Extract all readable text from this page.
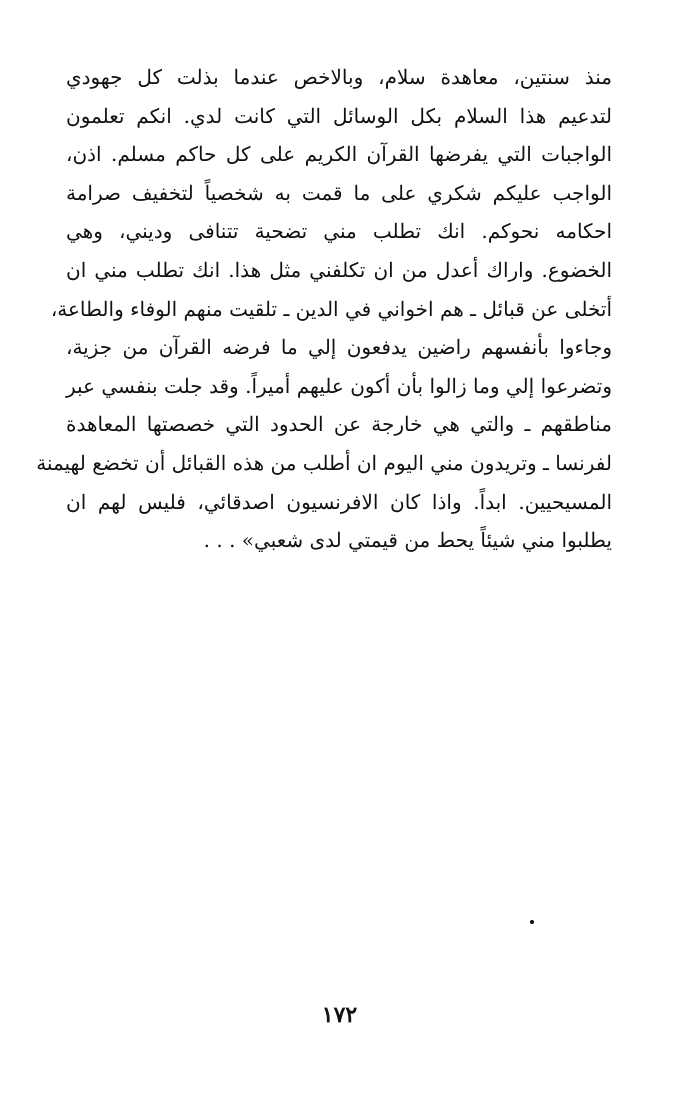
منذ سنتين، معاهدة سلام، وبالاخص عندما بذلت كل جهودي
لتدعيم هذا السلام بكل الوسائل التي كانت لدي. انكم تعلمون
الواجبات التي يفرضها القرآن الكريم على كل حاكم مسلم. اذن،
الواجب عليكم شكري على ما قمت به شخصياً لتخفيف صرامة
احكامه نحوكم. انك تطلب مني تضحية تتنافى وديني، وهي
الخضوع. واراك أعدل من ان تكلفني مثل هذا. انك تطلب مني ان
أتخلى عن قبائل ـ هم اخواني في الدين ـ تلقيت منهم الوفاء والطاعة،
وجاءوا بأنفسهم راضين يدفعون إلي ما فرضه القرآن من جزية،
وتضرعوا إلي وما زالوا بأن أكون عليهم أميراً. وقد جلت بنفسي عبر
مناطقهم ـ والتي هي خارجة عن الحدود التي خصصتها المعاهدة
لفرنسا ـ وتريدون مني اليوم ان أطلب من هذه القبائل أن تخضع لهيمنة
المسيحيين. ابداً. واذا كان الافرنسيون اصدقائي، فليس لهم ان
يطلبوا مني شيئاً يحط من قيمتي لدى شعبي» . . .
١٧٢
